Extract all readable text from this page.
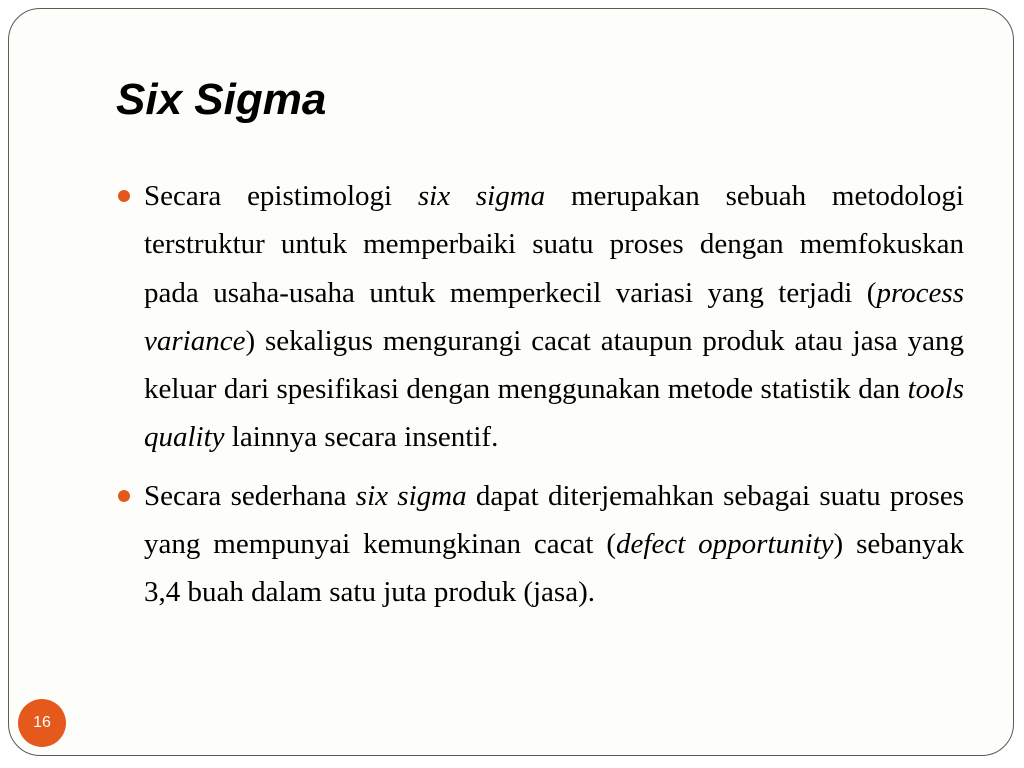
Six Sigma
Secara epistimologi six sigma merupakan sebuah metodologi terstruktur untuk memperbaiki suatu proses dengan memfokuskan pada usaha-usaha untuk memperkecil variasi yang terjadi (process variance) sekaligus mengurangi cacat ataupun produk atau jasa yang keluar dari spesifikasi dengan menggunakan metode statistik dan tools quality lainnya secara insentif.
Secara sederhana six sigma dapat diterjemahkan sebagai suatu proses yang mempunyai kemungkinan cacat (defect opportunity) sebanyak 3,4 buah dalam satu juta produk (jasa).
16
